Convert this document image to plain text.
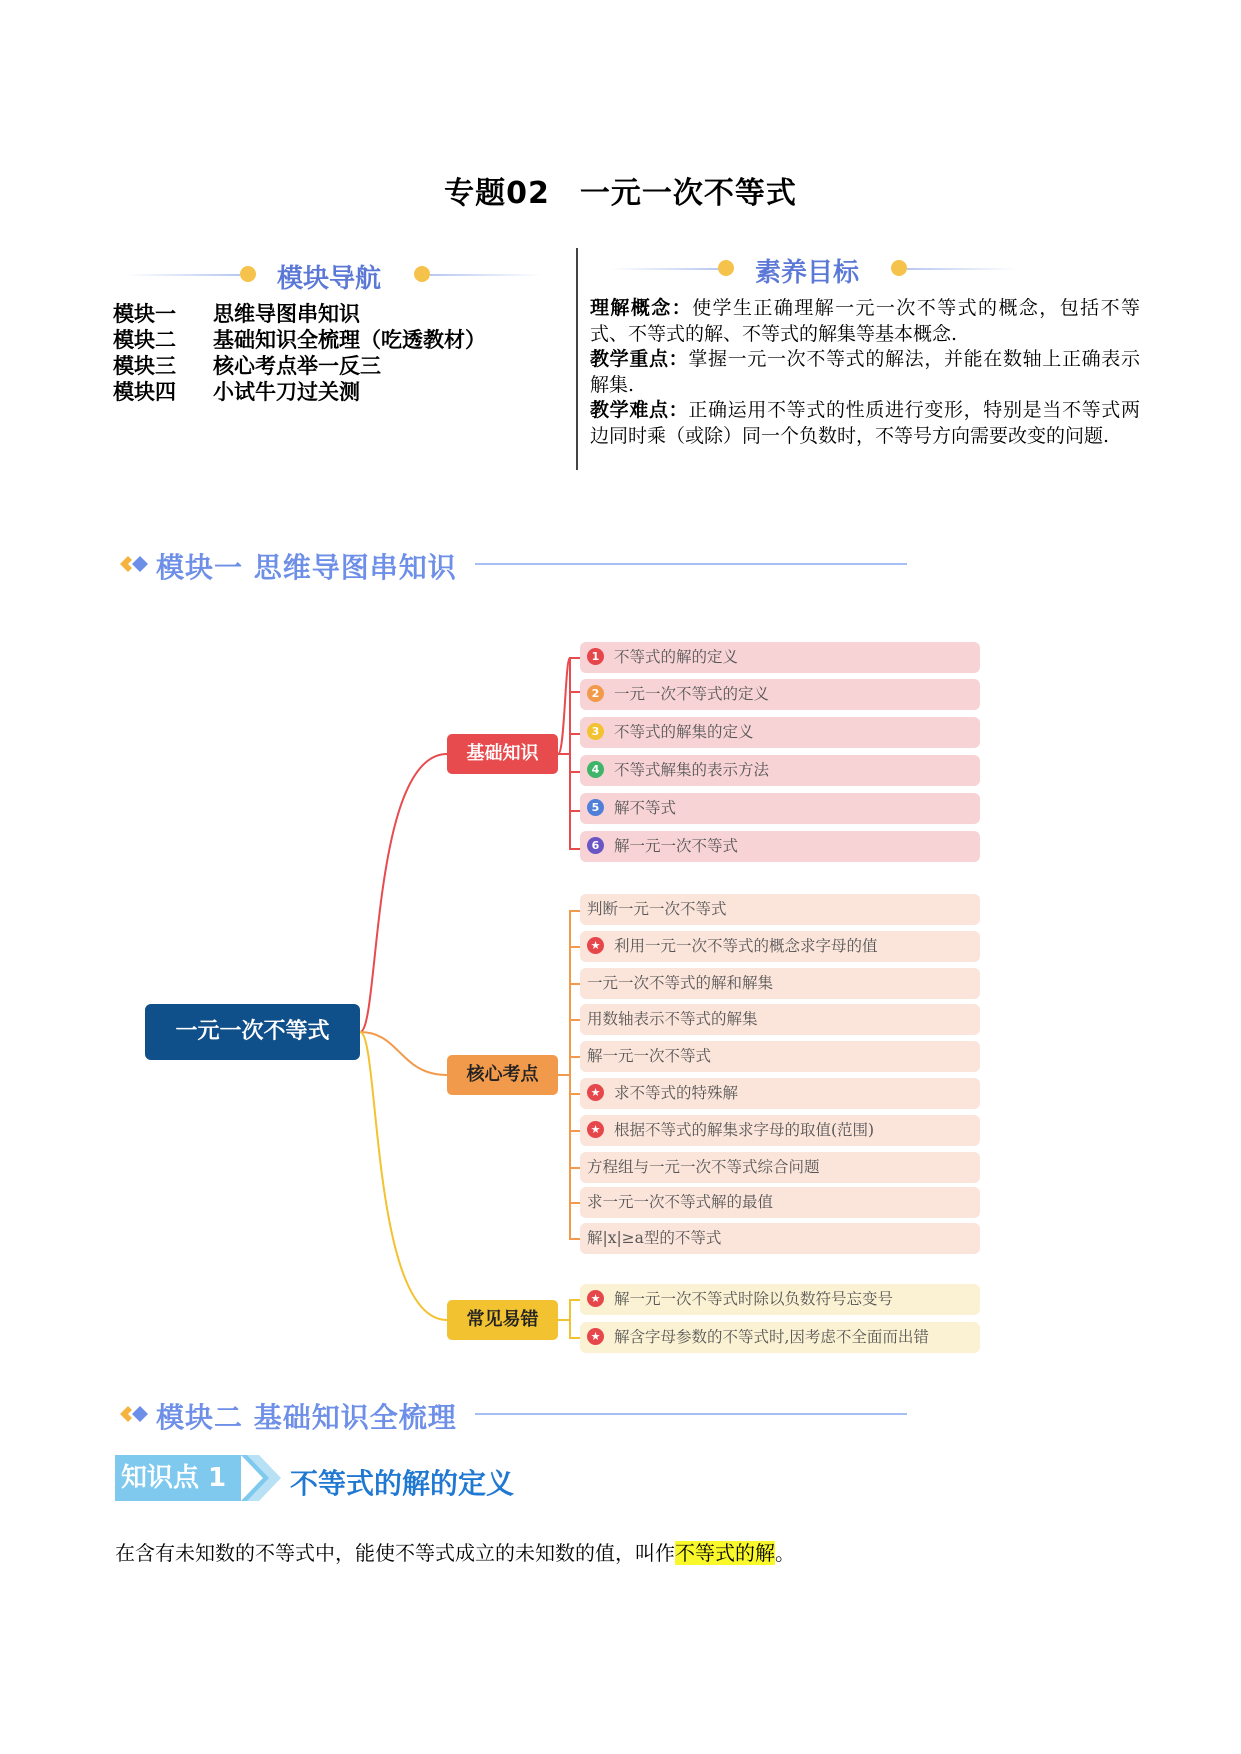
专题02 一元一次不等式
模块导航
模块一 思维导图串知识
模块二 基础知识全梳理（吃透教材）
模块三 核心考点举一反三
模块四 小试牛刀过关测
素养目标
理解概念：使学生正确理解一元一次不等式的概念，包括不等式、不等式的解、不等式的解集等基本概念.
教学重点：掌握一元一次不等式的解法，并能在数轴上正确表示解集.
教学难点：正确运用不等式的性质进行变形，特别是当不等式两边同时乘（或除）同一个负数时，不等号方向需要改变的问题.
模块一 思维导图串知识
一元一次不等式
基础知识
核心考点
常见易错
1 不等式的解的定义
2 一元一次不等式的定义
3 不等式的解集的定义
4 不等式解集的表示方法
5 解不等式
6 解一元一次不等式
判断一元一次不等式
★ 利用一元一次不等式的概念求字母的值
一元一次不等式的解和解集
用数轴表示不等式的解集
解一元一次不等式
★ 求不等式的特殊解
★ 根据不等式的解集求字母的取值(范围)
方程组与一元一次不等式综合问题
求一元一次不等式解的最值
解|x|≥a型的不等式
★ 解一元一次不等式时除以负数符号忘变号
★ 解含字母参数的不等式时,因考虑不全面而出错
模块二 基础知识全梳理
知识点 1	不等式的解的定义
在含有未知数的不等式中，能使不等式成立的未知数的值，叫作不等式的解。
